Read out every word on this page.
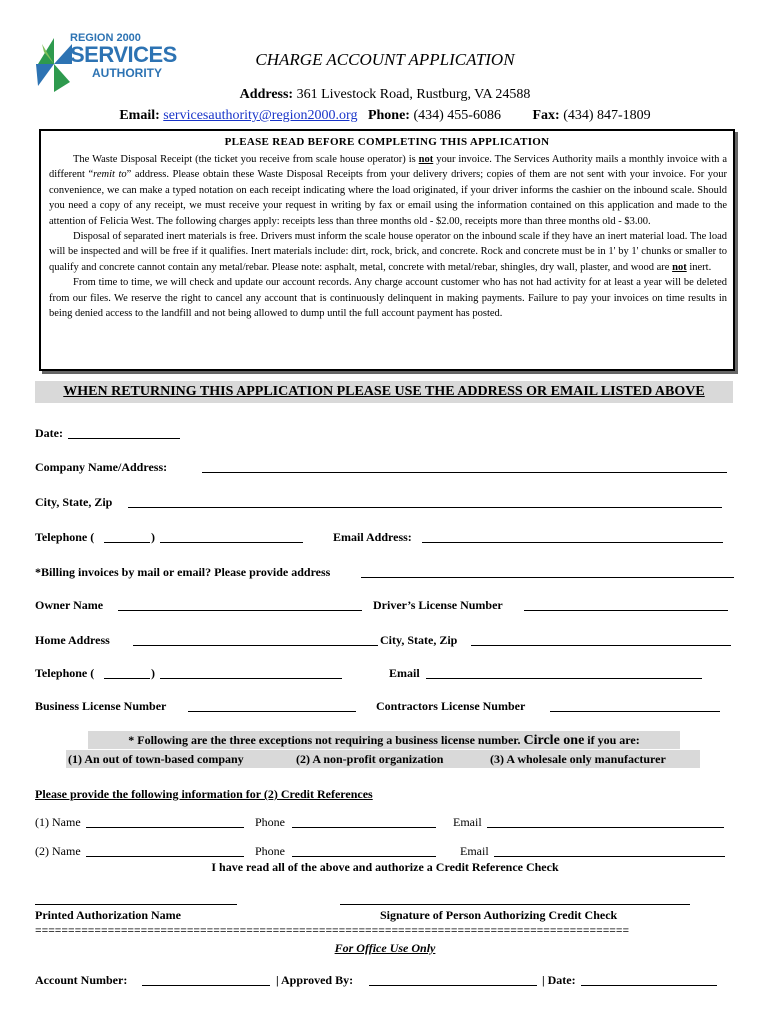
REGION 2000
SERVICES
AUTHORITY
CHARGE ACCOUNT APPLICATION
Address: 361 Livestock Road, Rustburg, VA 24588
Email: servicesauthority@region2000.org Phone: (434) 455-6086 Fax: (434) 847-1809
PLEASE READ BEFORE COMPLETING THIS APPLICATION

The Waste Disposal Receipt (the ticket you receive from scale house operator) is not your invoice. The Services Authority mails a monthly invoice with a different “remit to” address. Please obtain these Waste Disposal Receipts from your delivery drivers; copies of them are not sent with your invoice. For your convenience, we can make a typed notation on each receipt indicating where the load originated, if your driver informs the cashier on the inbound scale. Should you need a copy of any receipt, we must receive your request in writing by fax or email using the information contained on this application and made to the attention of Felicia West. The following charges apply: receipts less than three months old - $2.00, receipts more than three months old - $3.00.

Disposal of separated inert materials is free. Drivers must inform the scale house operator on the inbound scale if they have an inert material load. The load will be inspected and will be free if it qualifies. Inert materials include: dirt, rock, brick, and concrete. Rock and concrete must be in 1' by 1' chunks or smaller to qualify and concrete cannot contain any metal/rebar. Please note: asphalt, metal, concrete with metal/rebar, shingles, dry wall, plaster, and wood are not inert.

From time to time, we will check and update our account records. Any charge account customer who has not had activity for at least a year will be deleted from our files. We reserve the right to cancel any account that is continuously delinquent in making payments. Failure to pay your invoices on time results in being denied access to the landfill and not being allowed to dump until the full account payment has posted.

WHEN RETURNING THIS APPLICATION PLEASE USE THE ADDRESS OR EMAIL LISTED ABOVE
Date:
Company Name/Address:
City, State, Zip
Telephone (	)	Email Address:
*Billing invoices by mail or email? Please provide address
Owner Name	Driver’s License Number
Home Address	City, State, Zip
Telephone (	)	Email
Business License Number	Contractors License Number
* Following are the three exceptions not requiring a business license number. Circle one if you are:
(1) An out of town-based company	(2) A non-profit organization	(3) A wholesale only manufacturer
Please provide the following information for (2) Credit References
(1) Name	Phone	Email
(2) Name	Phone	Email
I have read all of the above and authorize a Credit Reference Check
Printed Authorization Name	Signature of Person Authorizing Credit Check
==========================================================================================
For Office Use Only
Account Number:	| Approved By:	| Date:
